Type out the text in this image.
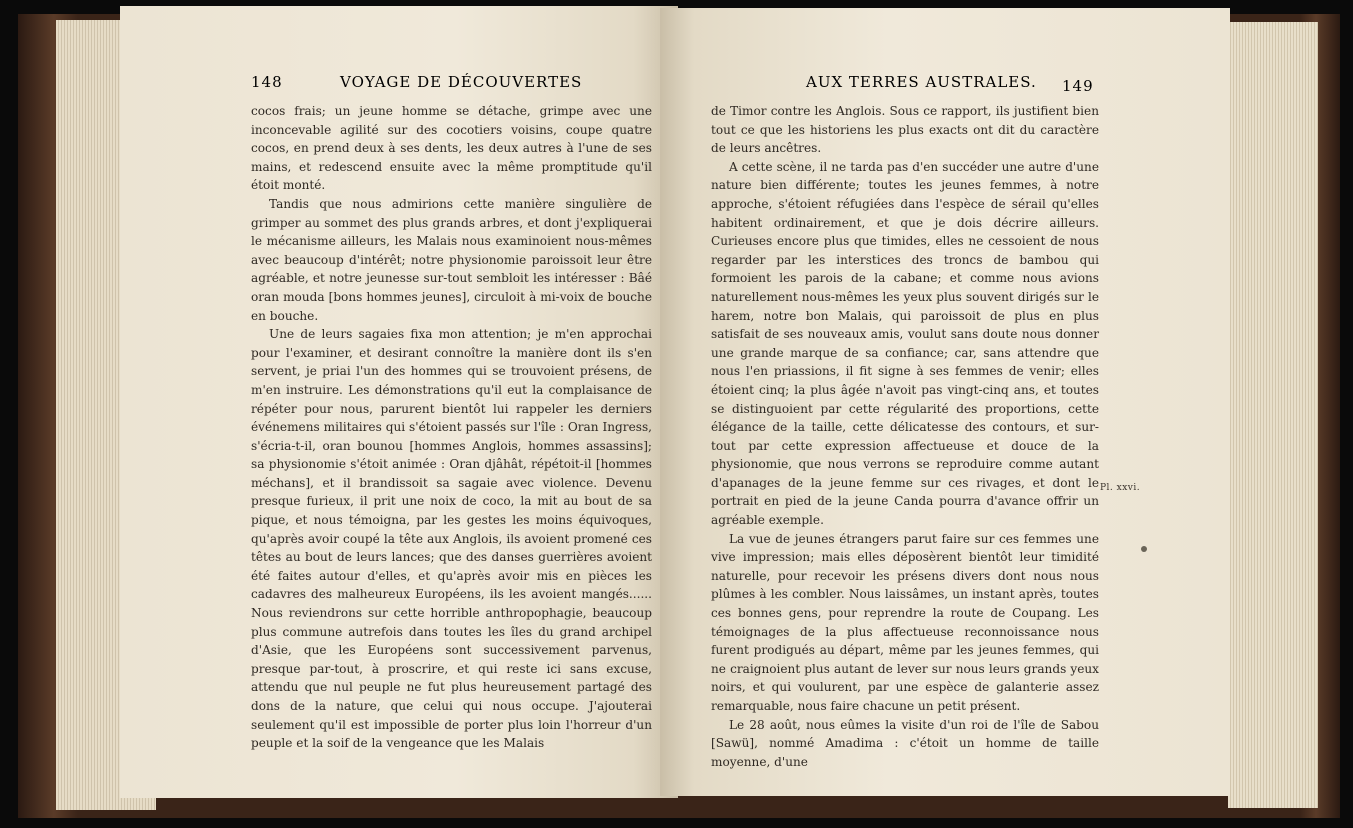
148	VOYAGE DE DÉCOUVERTES

cocos frais; un jeune homme se détache, grimpe avec une inconcevable agilité sur des cocotiers voisins, coupe quatre cocos, en prend deux à ses dents, les deux autres à l'une de ses mains, et redescend ensuite avec la même promptitude qu'il étoit monté.

Tandis que nous admirions cette manière singulière de grimper au sommet des plus grands arbres, et dont j'expliquerai le mécanisme ailleurs, les Malais nous examinoient nous-mêmes avec beaucoup d'intérêt; notre physionomie paroissoit leur être agréable, et notre jeunesse sur-tout sembloit les intéresser : Bâé oran mouda [bons hommes jeunes], circuloit à mi-voix de bouche en bouche.

Une de leurs sagaies fixa mon attention; je m'en approchai pour l'examiner, et desirant connoître la manière dont ils s'en servent, je priai l'un des hommes qui se trouvoient présens, de m'en instruire. Les démonstrations qu'il eut la complaisance de répéter pour nous, parurent bientôt lui rappeler les derniers événemens militaires qui s'étoient passés sur l'île : Oran Ingress, s'écria-t-il, oran bounou [hommes Anglois, hommes assassins]; sa physionomie s'étoit animée : Oran djâhât, répétoit-il [hommes méchans], et il brandissoit sa sagaie avec violence. Devenu presque furieux, il prit une noix de coco, la mit au bout de sa pique, et nous témoigna, par les gestes les moins équivoques, qu'après avoir coupé la tête aux Anglois, ils avoient promené ces têtes au bout de leurs lances; que des danses guerrières avoient été faites autour d'elles, et qu'après avoir mis en pièces les cadavres des malheureux Européens, ils les avoient mangés...... Nous reviendrons sur cette horrible anthropophagie, beaucoup plus commune autrefois dans toutes les îles du grand archipel d'Asie, que les Européens sont successivement parvenus, presque par-tout, à proscrire, et qui reste ici sans excuse, attendu que nul peuple ne fut plus heureusement partagé des dons de la nature, que celui qui nous occupe. J'ajouterai seulement qu'il est impossible de porter plus loin l'horreur d'un peuple et la soif de la vengeance que les Malais

AUX TERRES AUSTRALES. 149

de Timor contre les Anglois. Sous ce rapport, ils justifient bien tout ce que les historiens les plus exacts ont dit du caractère de leurs ancêtres.

A cette scène, il ne tarda pas d'en succéder une autre d'une nature bien différente; toutes les jeunes femmes, à notre approche, s'étoient réfugiées dans l'espèce de sérail qu'elles habitent ordinairement, et que je dois décrire ailleurs. Curieuses encore plus que timides, elles ne cessoient de nous regarder par les interstices des troncs de bambou qui formoient les parois de la cabane; et comme nous avions naturellement nous-mêmes les yeux plus souvent dirigés sur le harem, notre bon Malais, qui paroissoit de plus en plus satisfait de ses nouveaux amis, voulut sans doute nous donner une grande marque de sa confiance; car, sans attendre que nous l'en priassions, il fit signe à ses femmes de venir; elles étoient cinq; la plus âgée n'avoit pas vingt-cinq ans, et toutes se distinguoient par cette régularité des proportions, cette élégance de la taille, cette délicatesse des contours, et sur-tout par cette expression affectueuse et douce de la physionomie, que nous verrons se reproduire comme autant d'apanages de la jeune femme sur ces rivages, et dont le portrait en pied de la jeune Canda pourra d'avance offrir un agréable exemple.

La vue de jeunes étrangers parut faire sur ces femmes une vive impression; mais elles déposèrent bientôt leur timidité naturelle, pour recevoir les présens divers dont nous nous plûmes à les combler. Nous laissâmes, un instant après, toutes ces bonnes gens, pour reprendre la route de Coupang. Les témoignages de la plus affectueuse reconnoissance nous furent prodigués au départ, même par les jeunes femmes, qui ne craignoient plus autant de lever sur nous leurs grands yeux noirs, et qui voulurent, par une espèce de galanterie assez remarquable, nous faire chacune un petit présent.

Le 28 août, nous eûmes la visite d'un roi de l'île de Sabou [Sawü], nommé Amadima : c'étoit un homme de taille moyenne, d'une

Pl. xxvi.
